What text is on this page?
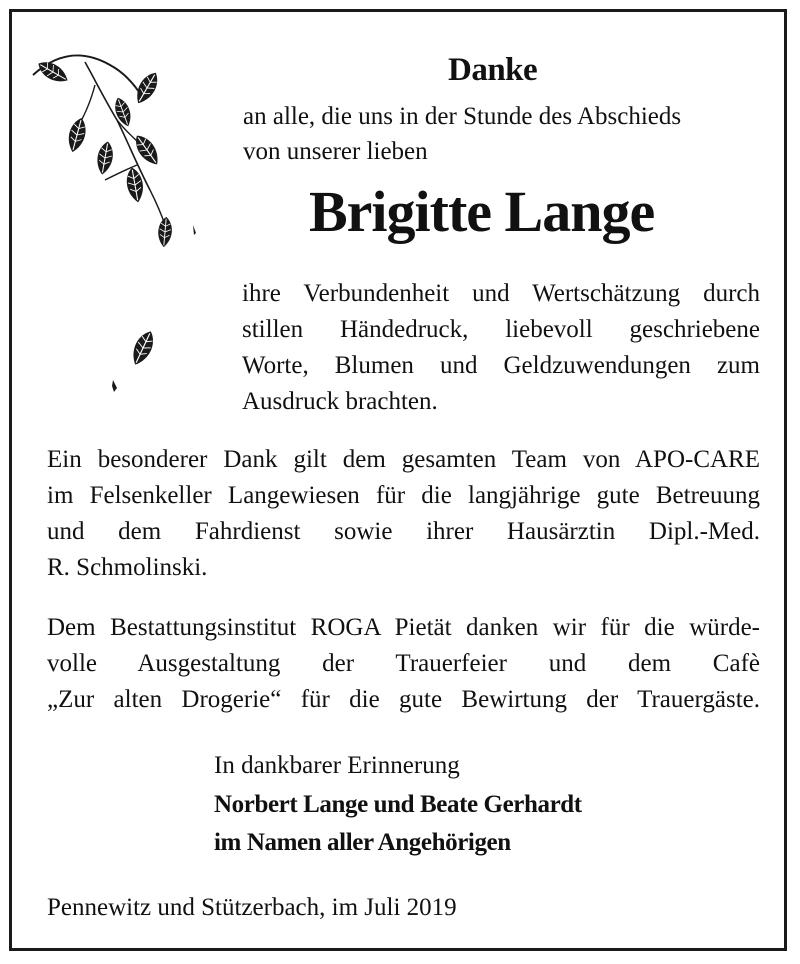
Danke
an alle, die uns in der Stunde des Abschieds
von unserer lieben
Brigitte Lange
ihre Verbundenheit und Wertschätzung durch
stillen Händedruck, liebevoll geschriebene
Worte, Blumen und Geldzuwendungen zum
Ausdruck brachten.
Ein besonderer Dank gilt dem gesamten Team von APO-CARE
im Felsenkeller Langewiesen für die langjährige gute Betreuung
und dem Fahrdienst sowie ihrer Hausärztin Dipl.-Med.
R. Schmolinski.
Dem Bestattungsinstitut ROGA Pietät danken wir für die würde-
volle Ausgestaltung der Trauerfeier und dem Cafè
„Zur alten Drogerie“ für die gute Bewirtung der Trauergäste.
In dankbarer Erinnerung
Norbert Lange und Beate Gerhardt
im Namen aller Angehörigen
Pennewitz und Stützerbach, im Juli 2019
